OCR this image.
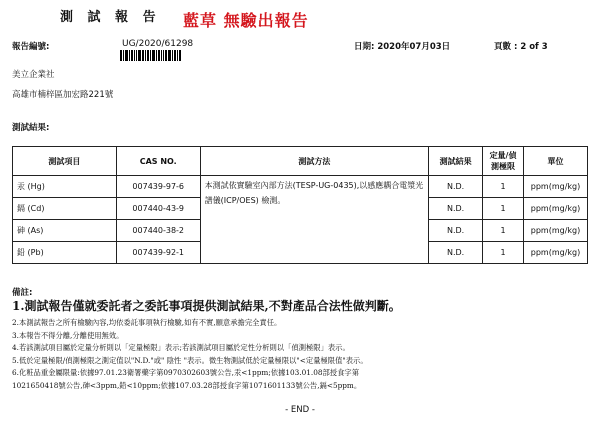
測 試 報 告 藍草 無驗出報告
報告編號:	UG/2020/61298	日期: 2020年07月03日	頁數 : 2 of 3
美立企業社
高雄市楠梓區加宏路221號
測試結果:
測試項目	CAS NO.	測試方法	測試結果	定量/偵測極限	單位
汞 (Hg)	007439-97-6	本測試依實驗室內部方法(TESP-UG-0435),以感應耦合電漿光譜儀(ICP/OES) 檢測。	N.D.	1	ppm(mg/kg)
鎘 (Cd)	007440-43-9		N.D.	1	ppm(mg/kg)
砷 (As)	007440-38-2		N.D.	1	ppm(mg/kg)
鉛 (Pb)	007439-92-1		N.D.	1	ppm(mg/kg)
備註:

1.測試報告僅就委託者之委託事項提供測試結果,不對產品合法性做判斷。

2.本測試報告之所有檢驗內容,均依委託事項執行檢驗,如有不實,願意承擔完全責任。

3.本報告不得分離,分離使用無效。

4.若該測試項目屬於定量分析則以「定量極限」表示;若該測試項目屬於定性分析則以「偵測極限」表示。

5.低於定量極限/偵測極限之測定值以"N.D."或" 陰性 "表示。微生物測試低於定量極限以"<定量極限值"表示。

6.化粧品重金屬限量:依據97.01.23衛署藥字第0970302603號公告,汞<1ppm;依據103.01.08部授食字第

1021650418號公告,砷<3ppm,鉛<10ppm;依據107.03.28部授食字第1071601133號公告,鎘<5ppm。

- END -
